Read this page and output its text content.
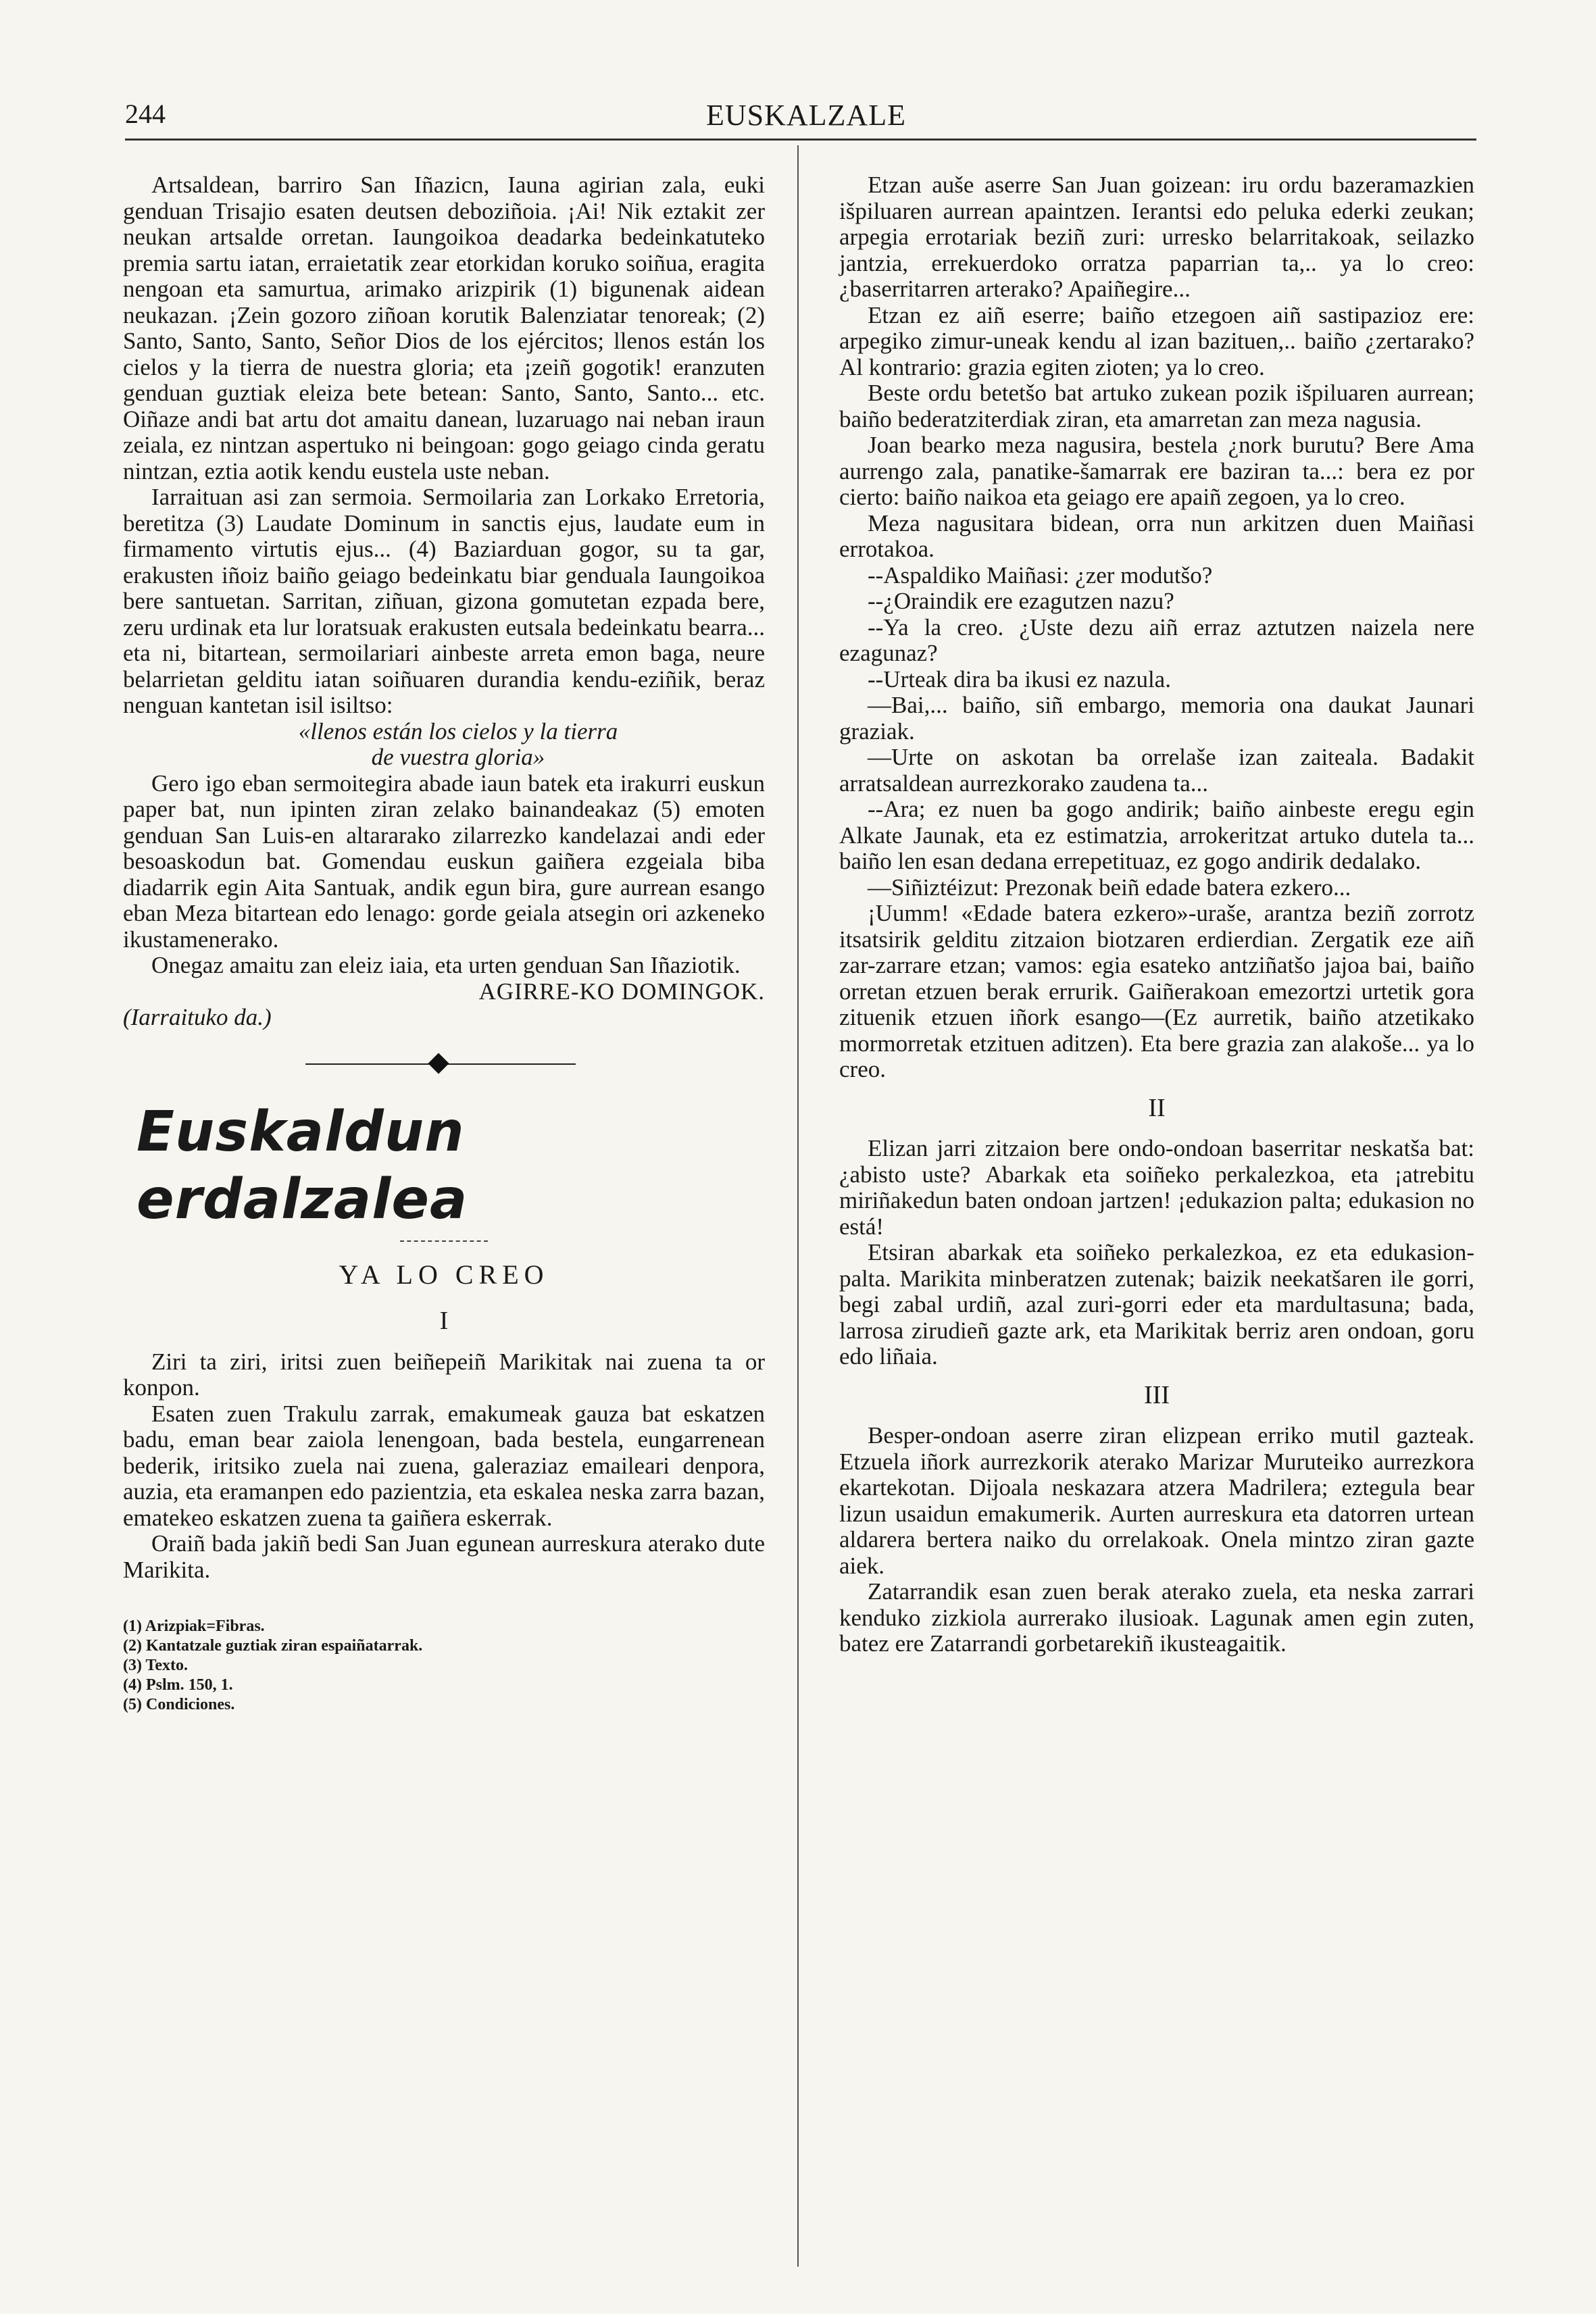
244	EUSKALZALE

Artsaldean, barriro San Iñazicn, Iauna agirian zala, euki genduan Trisajio esaten deutsen deboziñoia. ¡Ai! Nik eztakit zer neukan artsalde orretan. Iaungoikoa deadarka bedeinkatuteko premia sartu iatan, erraietatik zear etorkidan koruko soiñua, eragita nengoan eta samurtua, arimako arizpirik (1) bigunenak aidean neukazan. ¡Zein gozoro ziñoan korutik Balenziatar tenoreak; (2) Santo, Santo, Santo, Señor Dios de los ejércitos; llenos están los cielos y la tierra de nuestra gloria; eta ¡zeiñ gogotik! eranzuten genduan guztiak eleiza bete betean: Santo, Santo, Santo... etc. Oiñaze andi bat artu dot amaitu danean, luzaruago nai neban iraun zeiala, ez nintzan aspertuko ni beingoan: gogo geiago cinda geratu nintzan, eztia aotik kendu eustela uste neban.

Iarraituan asi zan sermoia. Sermoilaria zan Lorkako Erretoria, beretitza (3) Laudate Dominum in sanctis ejus, laudate eum in firmamento virtutis ejus... (4) Baziarduan gogor, su ta gar, erakusten iñoiz baiño geiago bedeinkatu biar genduala Iaungoikoa bere santuetan. Sarritan, ziñuan, gizona gomutetan ezpada bere, zeru urdinak eta lur loratsuak erakusten eutsala bedeinkatu bearra... eta ni, bitartean, sermoilariari ainbeste arreta emon baga, neure belarrietan gelditu iatan soiñuaren durandia kendu-eziñik, beraz nenguan kantetan isil isiltso:

«llenos están los cielos y la tierra

de vuestra gloria»

Gero igo eban sermoitegira abade iaun batek eta irakurri euskun paper bat, nun ipinten ziran zelako bainandeakaz (5) emoten genduan San Luis-en altararako zilarrezko kandelazai andi eder besoaskodun bat. Gomendau euskun gaiñera ezgeiala biba diadarrik egin Aita Santuak, andik egun bira, gure aurrean esango eban Meza bitartean edo lenago: gorde geiala atsegin ori azkeneko ikustamenerako.

Onegaz amaitu zan eleiz iaia, eta urten genduan San Iñaziotik.

AGIRRE-KO DOMINGOK.

(Iarraituko da.)

Euskaldun erdalzalea
YA LO CREO
I

Ziri ta ziri, iritsi zuen beiñepeiñ Marikitak nai zuena ta or konpon.

Esaten zuen Trakulu zarrak, emakumeak gauza bat eskatzen badu, eman bear zaiola lenengoan, bada bestela, eungarrenean bederik, iritsiko zuela nai zuena, galeraziaz emaileari denpora, auzia, eta eramanpen edo pazientzia, eta eskalea neska zarra bazan, ematekeo eskatzen zuena ta gaiñera eskerrak.

Oraiñ bada jakiñ bedi San Juan egunean aurreskura aterako dute Marikita.

(1) Arizpiak=Fibras.
(2) Kantatzale guztiak ziran espaiñatarrak.
(3) Texto.
(4) Pslm. 150, 1.
(5) Condiciones.

Etzan auše aserre San Juan goizean: iru ordu bazeramazkien išpiluaren aurrean apaintzen. Ierantsi edo peluka ederki zeukan; arpegia errotariak beziñ zuri: urresko belarritakoak, seilazko jantzia, errekuerdoko orratza paparrian ta,.. ya lo creo: ¿baserritarren arterako? Apaiñegire...

Etzan ez aiñ eserre; baiño etzegoen aiñ sastipazioz ere: arpegiko zimur-uneak kendu al izan bazituen,.. baiño ¿zertarako? Al kontrario: grazia egiten zioten; ya lo creo.

Beste ordu betetšo bat artuko zukean pozik išpiluaren aurrean; baiño bederatziterdiak ziran, eta amarretan zan meza nagusia.

Joan bearko meza nagusira, bestela ¿nork burutu? Bere Ama aurrengo zala, panatike-šamarrak ere baziran ta...: bera ez por cierto: baiño naikoa eta geiago ere apaiñ zegoen, ya lo creo.

Meza nagusitara bidean, orra nun arkitzen duen Maiñasi errotakoa.

--Aspaldiko Maiñasi: ¿zer modutšo?

--¿Oraindik ere ezagutzen nazu?

--Ya la creo. ¿Uste dezu aiñ erraz aztutzen naizela nere ezagunaz?

--Urteak dira ba ikusi ez nazula.

—Bai,... baiño, siñ embargo, memoria ona daukat Jaunari graziak.

—Urte on askotan ba orrelaše izan zaiteala. Badakit arratsaldean aurrezkorako zaudena ta...

--Ara; ez nuen ba gogo andirik; baiño ainbeste eregu egin Alkate Jaunak, eta ez estimatzia, arrokeritzat artuko dutela ta... baiño len esan dedana errepetituaz, ez gogo andirik dedalako.

—Siñiztéizut: Prezonak beiñ edade batera ezkero...

¡Uumm! «Edade batera ezkero»-uraše, arantza beziñ zorrotz itsatsirik gelditu zitzaion biotzaren erdierdian. Zergatik eze aiñ zar-zarrare etzan; vamos: egia esateko antziñatšo jajoa bai, baiño orretan etzuen berak errurik. Gaiñerakoan emezortzi urtetik gora zituenik etzuen iñork esango—(Ez aurretik, baiño atzetikako mormorretak etzituen aditzen). Eta bere grazia zan alakoše... ya lo creo.

II

Elizan jarri zitzaion bere ondo-ondoan baserritar neskatša bat: ¿abisto uste? Abarkak eta soiñeko perkalezkoa, eta ¡atrebitu miriñakedun baten ondoan jartzen! ¡edukazion palta; edukasion no está!

Etsiran abarkak eta soiñeko perkalezkoa, ez eta edukasion-palta. Marikita minberatzen zutenak; baizik neekatšaren ile gorri, begi zabal urdiñ, azal zuri-gorri eder eta mardultasuna; bada, larrosa zirudieñ gazte ark, eta Marikitak berriz aren ondoan, goru edo liñaia.

III

Besper-ondoan aserre ziran elizpean erriko mutil gazteak. Etzuela iñork aurrezkorik aterako Marizar Muruteiko aurrezkora ekartekotan. Dijoala neskazara atzera Madrilera; eztegula bear lizun usaidun emakumerik. Aurten aurreskura eta datorren urtean aldarera bertera naiko du orrelakoak. Onela mintzo ziran gazte aiek.

Zatarrandik esan zuen berak aterako zuela, eta neska zarrari kenduko zizkiola aurrerako ilusioak. Lagunak amen egin zuten, batez ere Zatarrandi gorbetarekiñ ikusteagaitik.
